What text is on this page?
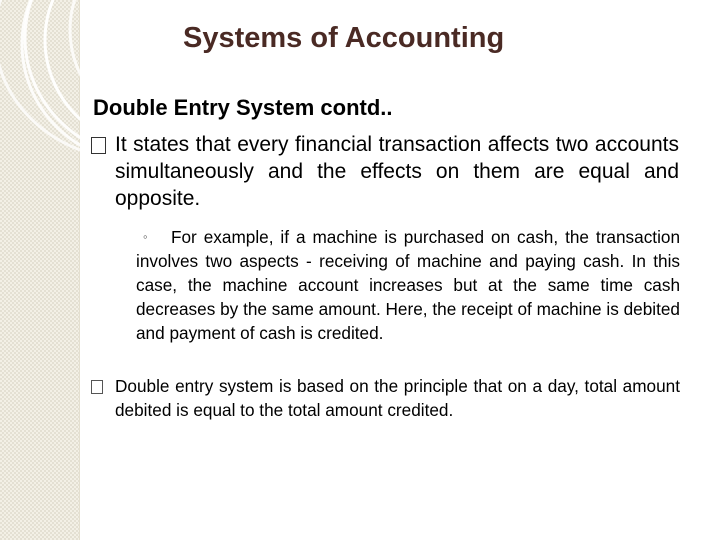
Systems of Accounting
Double Entry System contd..
It states that every financial transaction affects two accounts simultaneously and the effects on them are equal and opposite.
◦	For example, if a machine is purchased on cash, the transaction involves two aspects - receiving of machine and paying cash. In this case, the machine account increases but at the same time cash decreases by the same amount. Here, the receipt of machine is debited and payment of cash is credited.
Double entry system is based on the principle that on a day, total amount debited is equal to the total amount credited.
